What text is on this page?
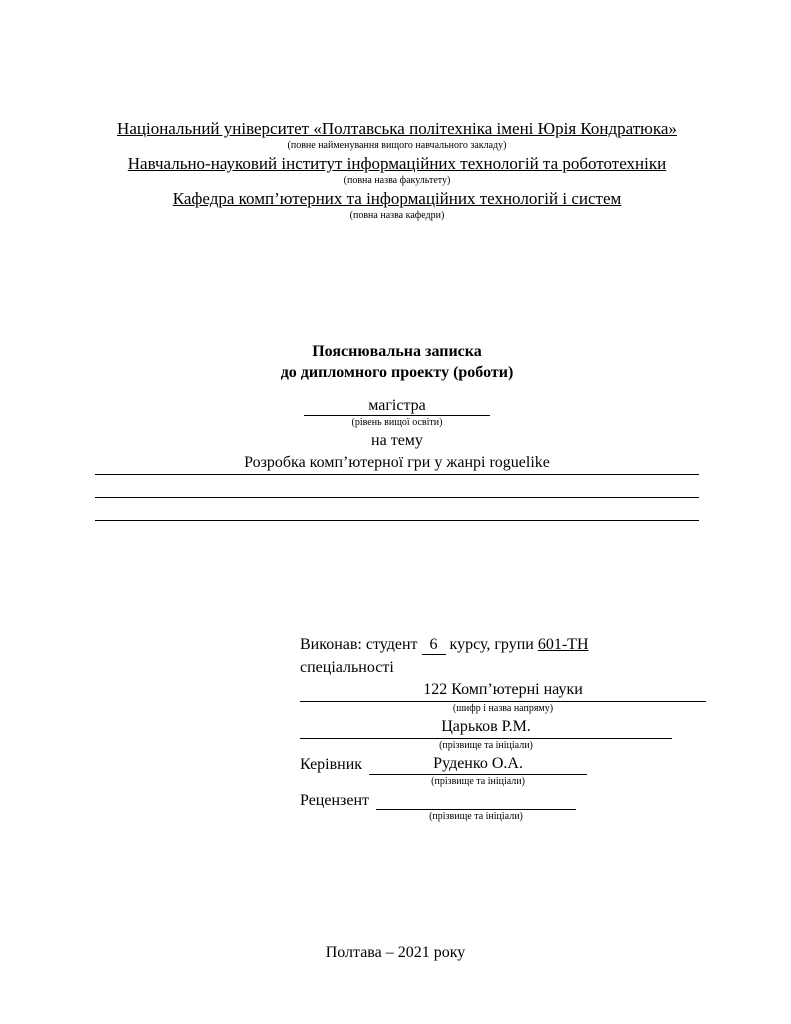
Національний університет «Полтавська політехніка імені Юрія Кондратюка»
(повне найменування вищого навчального закладу)
Навчально-науковий інститут інформаційних технологій та робототехніки
(повна назва факультету)
Кафедра комп’ютерних та інформаційних технологій і систем
(повна назва кафедри)
Пояснювальна записка
до дипломного проекту (роботи)
магістра
(рівень вищої освіти)
на тему
Розробка комп’ютерної гри у жанрі roguelike
Виконав: студент 6 курсу, групи 601-ТН
спеціальності
122 Комп’ютерні науки
(шифр і назва напряму)
Царьков Р.М.
(прізвище та ініціали)
Керівник	Руденко О.А.
(прізвище та ініціали)
Рецензент
(прізвище та ініціали)
Полтава – 2021 року
